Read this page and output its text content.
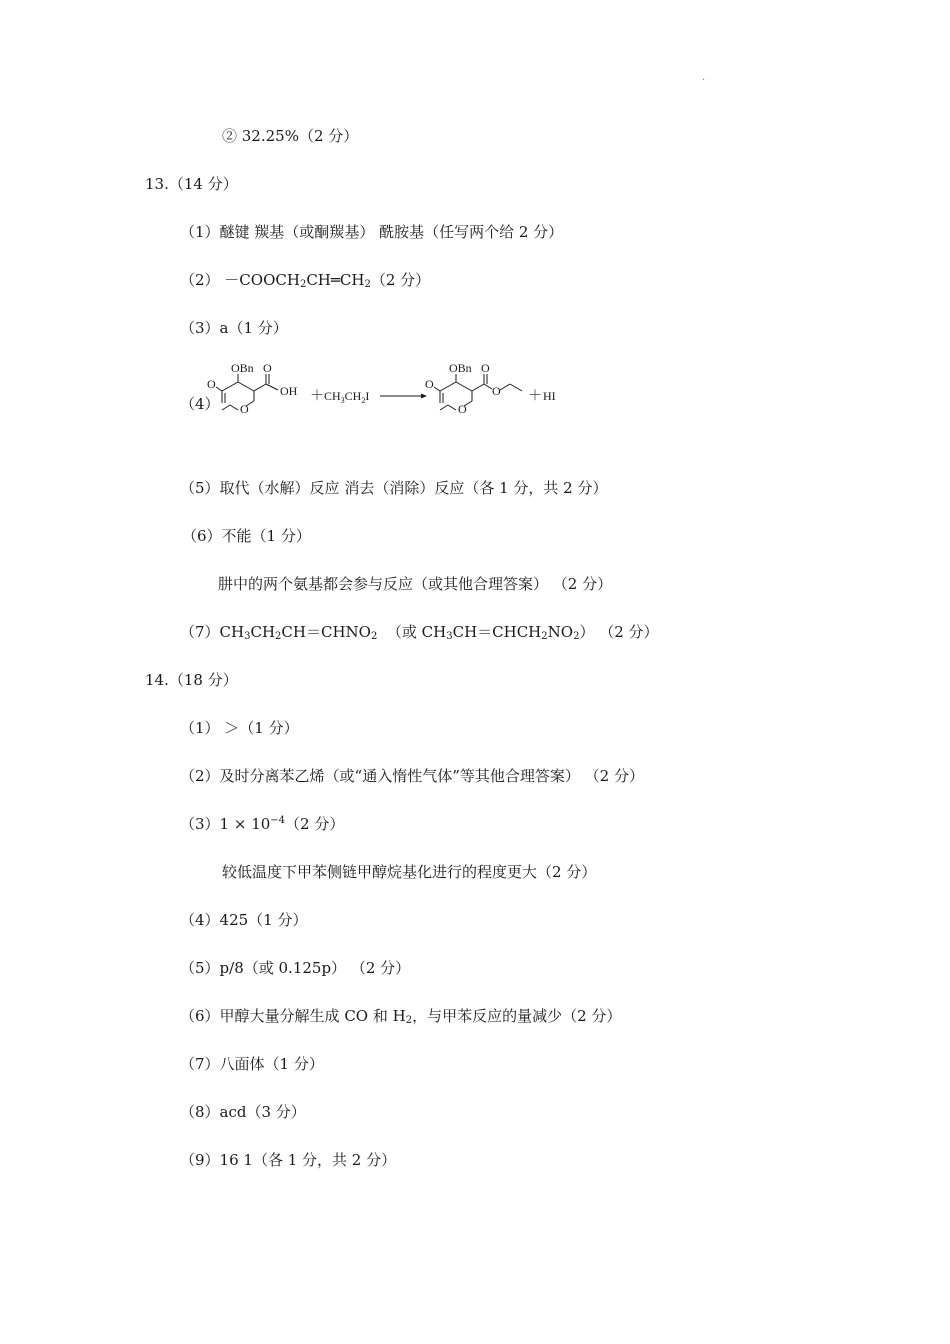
.
② 32.25%（2 分）
13.（14 分）
（1）醚键 羰基（或酮羰基） 酰胺基（任写两个给 2 分）
$(2) -COOCH_2CH═CH_2(2$ 分）
（3）a（1 分）
（4）
O
OBn O
OH
O
＋ $CH_3CH_2I$
O
OBn O
O
O
＋ HI
（5）取代（水解）反应 消去（消除）反应（各 1 分，共 2 分）
（6）不能（1 分）
肼中的两个氨基都会参与反应（或其他合理答案） （2 分）
$(7)CH_3CH_2CH=CHNO_2$ （或 $CH_3CH=CHCH_2NO_2$） （2 分）
14.（18 分）
（1） ＞（1 分）
（2）及时分离苯乙烯（或“通入惰性气体”等其他合理答案） （2 分）
$(3)1 \times 10^{-4}(2$ 分）
较低温度下甲苯侧链甲醇烷基化进行的程度更大（2 分）
（4）425（1 分）
（5）p/8（或 0.125p） （2 分）
（6）甲醇大量分解生成 CO 和 $H_2$，与甲苯反应的量减少（2 分）
（7）八面体（1 分）
（8）acd（3 分）
（9）16 1（各 1 分，共 2 分）
